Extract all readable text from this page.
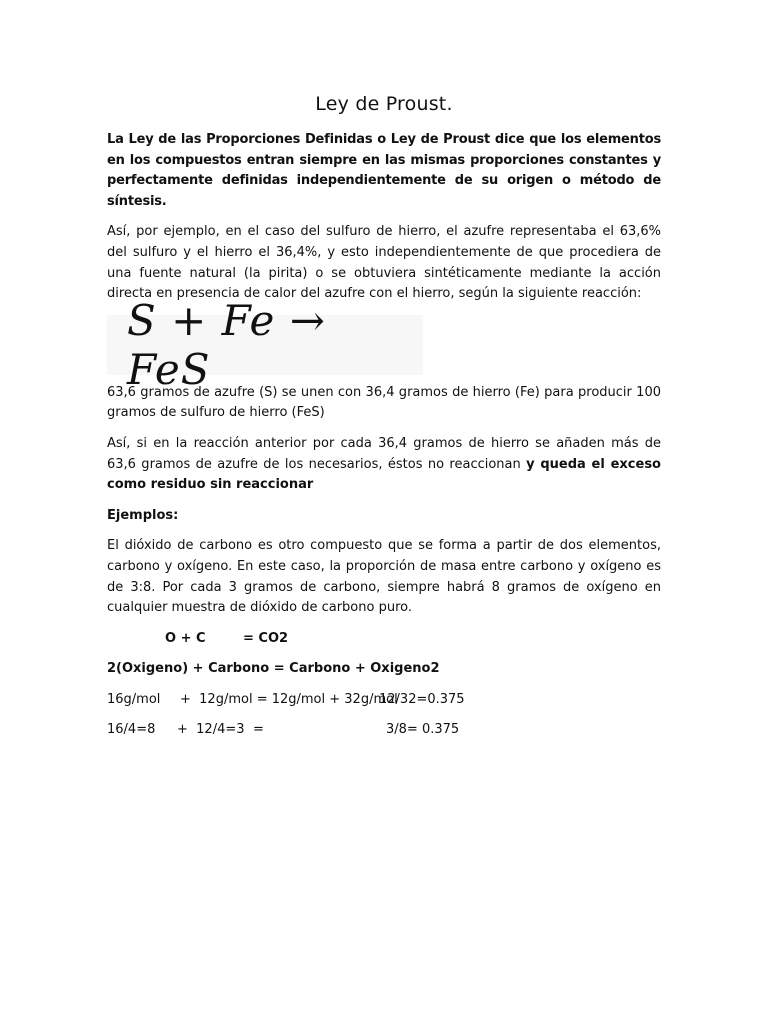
Ley de Proust.

La Ley de las Proporciones Definidas o Ley de Proust dice que los elementos en los compuestos entran siempre en las mismas proporciones constantes y perfectamente definidas independientemente de su origen o método de síntesis.

Así, por ejemplo, en el caso del sulfuro de hierro, el azufre representaba el 63,6% del sulfuro y el hierro el 36,4%, y esto independientemente de que procediera de una fuente natural (la pirita) o se obtuviera sintéticamente mediante la acción directa en presencia de calor del azufre con el hierro, según la siguiente reacción:

S + Fe → FeS

63,6 gramos de azufre (S) se unen con 36,4 gramos de hierro (Fe) para producir 100 gramos de sulfuro de hierro (FeS)

Así, si en la reacción anterior por cada 36,4 gramos de hierro se añaden más de 63,6 gramos de azufre de los necesarios, éstos no reaccionan y queda el exceso como residuo sin reaccionar

Ejemplos:

El dióxido de carbono es otro compuesto que se forma a partir de dos elementos, carbono y oxígeno. En este caso, la proporción de masa entre carbono y oxígeno es de 3:8. Por cada 3 gramos de carbono, siempre habrá 8 gramos de oxígeno en cualquier muestra de dióxido de carbono puro.

O + C	= CO2
2(Oxigeno) + Carbono = Carbono + Oxigeno2
16g/mol	+  12g/mol = 12g/mol + 32g/mol
12/32=0.375
16/4=8	+  12/4=3 =	3/8= 0.375
